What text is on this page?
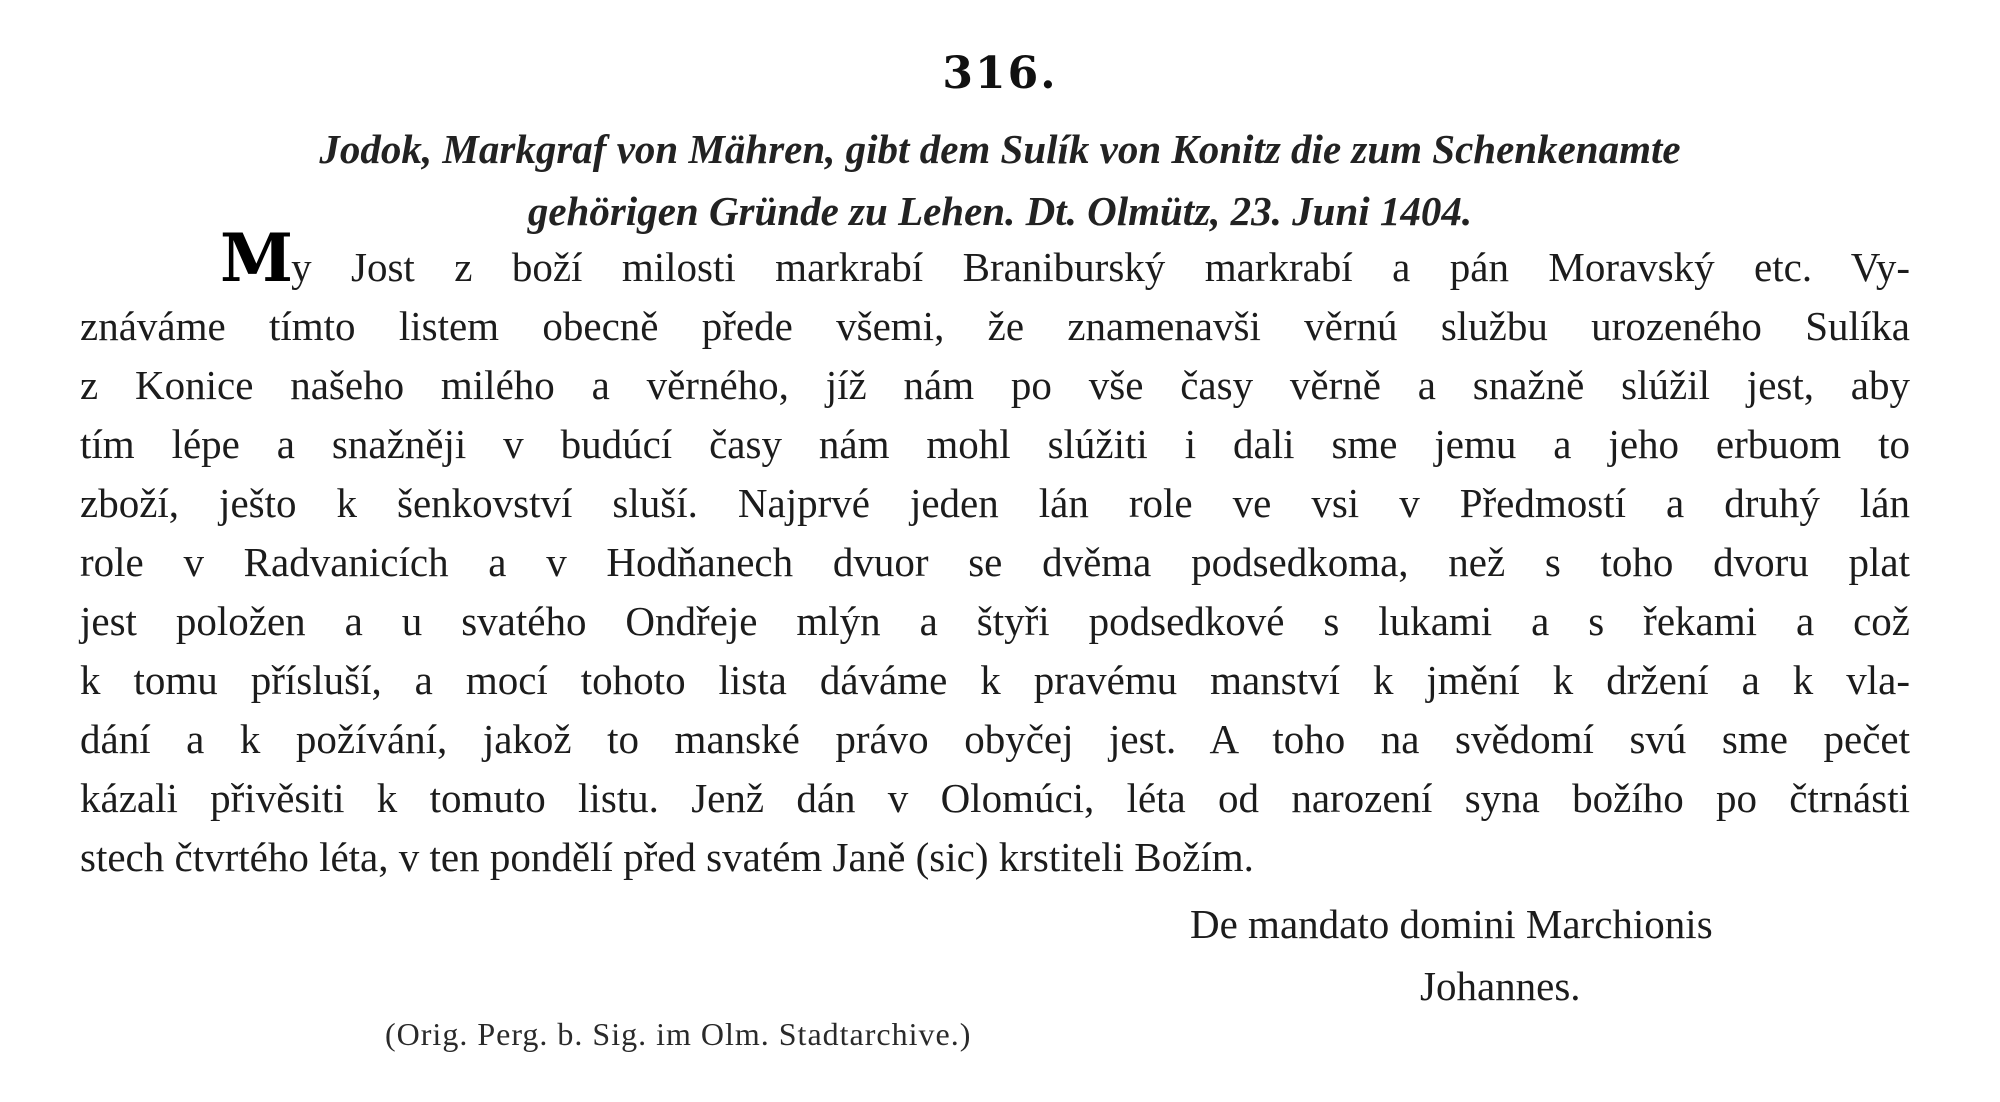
316.
Jodok, Markgraf von Mähren, gibt dem Sulík von Konitz die zum Schenkenamte
gehörigen Gründe zu Lehen. Dt. Olmütz, 23. Juni 1404.
My Jost z boží milosti markrabí Braniburský markrabí a pán Moravský etc. Vy-
znáváme tímto listem obecně přede všemi, že znamenavši věrnú službu urozeného Sulíka
z Konice našeho milého a věrného, jíž nám po vše časy věrně a snažně slúžil jest, aby
tím lépe a snažněji v budúcí časy nám mohl slúžiti i dali sme jemu a jeho erbuom to
zboží, ješto k šenkovství sluší. Najprvé jeden lán role ve vsi v Předmostí a druhý lán
role v Radvanicích a v Hodňanech dvuor se dvěma podsedkoma, než s toho dvoru plat
jest položen a u svatého Ondřeje mlýn a štyři podsedkové s lukami a s řekami a což
k tomu přísluší, a mocí tohoto lista dáváme k pravému manství k jmění k držení a k vla-
dání a k požívání, jakož to manské právo obyčej jest. A toho na svědomí svú sme pečet
kázali přivěsiti k tomuto listu. Jenž dán v Olomúci, léta od narození syna božího po čtrnásti
stech čtvrtého léta, v ten pondělí před svatém Janě (sic) krstiteli Božím.
De mandato domini Marchionis
Johannes.
(Orig. Perg. b. Sig. im Olm. Stadtarchive.)
